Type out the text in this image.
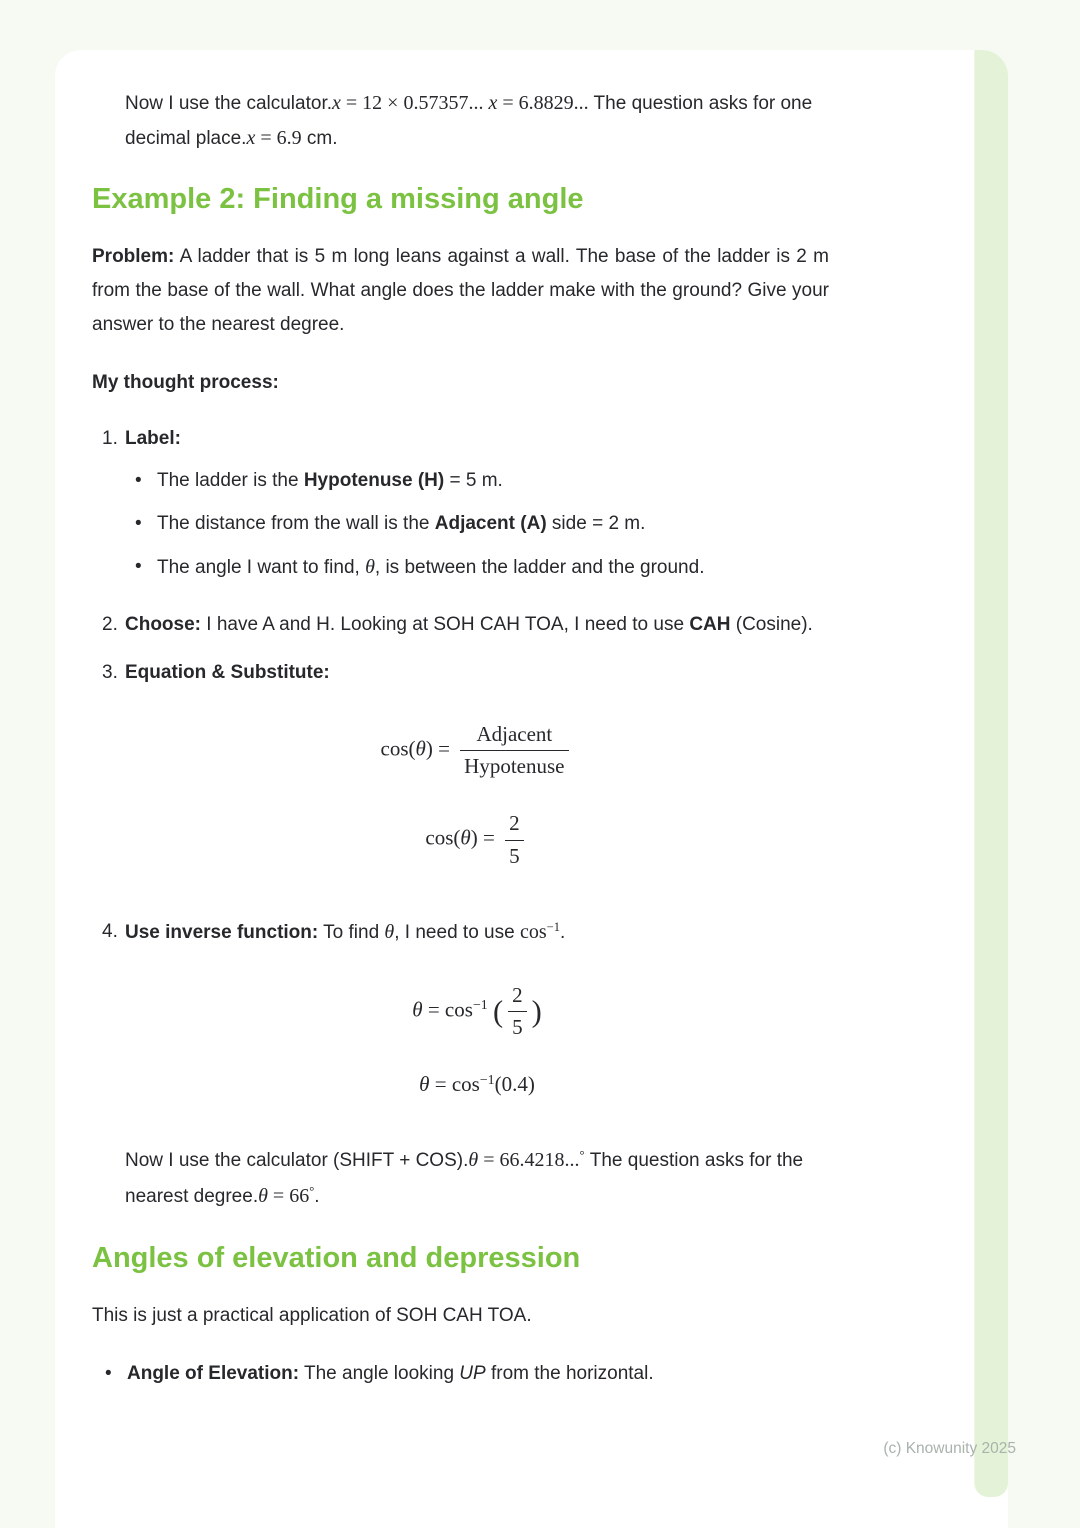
Now I use the calculator.x = 12 × 0.57357... x = 6.8829... The question asks for one decimal place.x = 6.9 cm.

Example 2: Finding a missing angle

Problem: A ladder that is 5 m long leans against a wall. The base of the ladder is 2 m from the base of the wall. What angle does the ladder make with the ground? Give your answer to the nearest degree.

My thought process:

1. Label:
• The ladder is the Hypotenuse (H) = 5 m.
• The distance from the wall is the Adjacent (A) side = 2 m.
• The angle I want to find, θ, is between the ladder and the ground.
2. Choose: I have A and H. Looking at SOH CAH TOA, I need to use CAH (Cosine).
3. Equation & Substitute:
$\cos(\theta) = \frac{\text{Adjacent}}{\text{Hypotenuse}}$
$\cos(\theta) = \frac{2}{5}$
4. Use inverse function: To find θ, I need to use $\cos^{-1}$.
$\theta = \cos^{-1}$ ( $\frac{2}{5}$ )
$\theta = \cos^{-1}(0.4)$

Now I use the calculator (SHIFT + COS).θ = 66.4218...° The question asks for the nearest degree.θ = 66°.

Angles of elevation and depression

This is just a practical application of SOH CAH TOA.

• Angle of Elevation: The angle looking UP from the horizontal.
(c) Knowunity 2025
